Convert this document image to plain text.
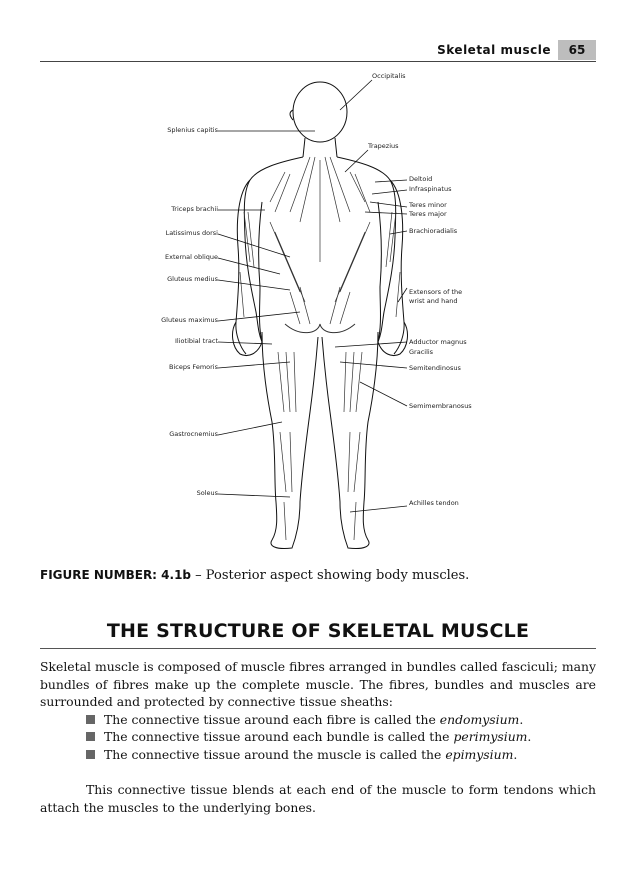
Skeletal muscle	65
Splenius capitis
Triceps brachii
Latissimus dorsi
External oblique
Gluteus medius
Gluteus maximus
Iliotibial tract
Biceps Femoris
Gastrocnemius
Soleus
Occipitalis
Trapezius
Deltoid
Infraspinatus
Teres minor
Teres major
Brachioradialis
Extensors of the
wrist and hand
Adductor magnus
Gracilis
Semitendinosus
Semimembranosus
Achilles tendon
FIGURE NUMBER: 4.1b – Posterior aspect showing body muscles.
THE STRUCTURE OF SKELETAL MUSCLE

Skeletal muscle is composed of muscle fibres arranged in bundles called fasciculi; many bundles of fibres make up the complete muscle. The fibres, bundles and muscles are surrounded and protected by connective tissue sheaths:

The connective tissue around each fibre is called the endomysium.
The connective tissue around each bundle is called the perimysium.
The connective tissue around the muscle is called the epimysium.

This connective tissue blends at each end of the muscle to form tendons which attach the muscles to the underlying bones.
